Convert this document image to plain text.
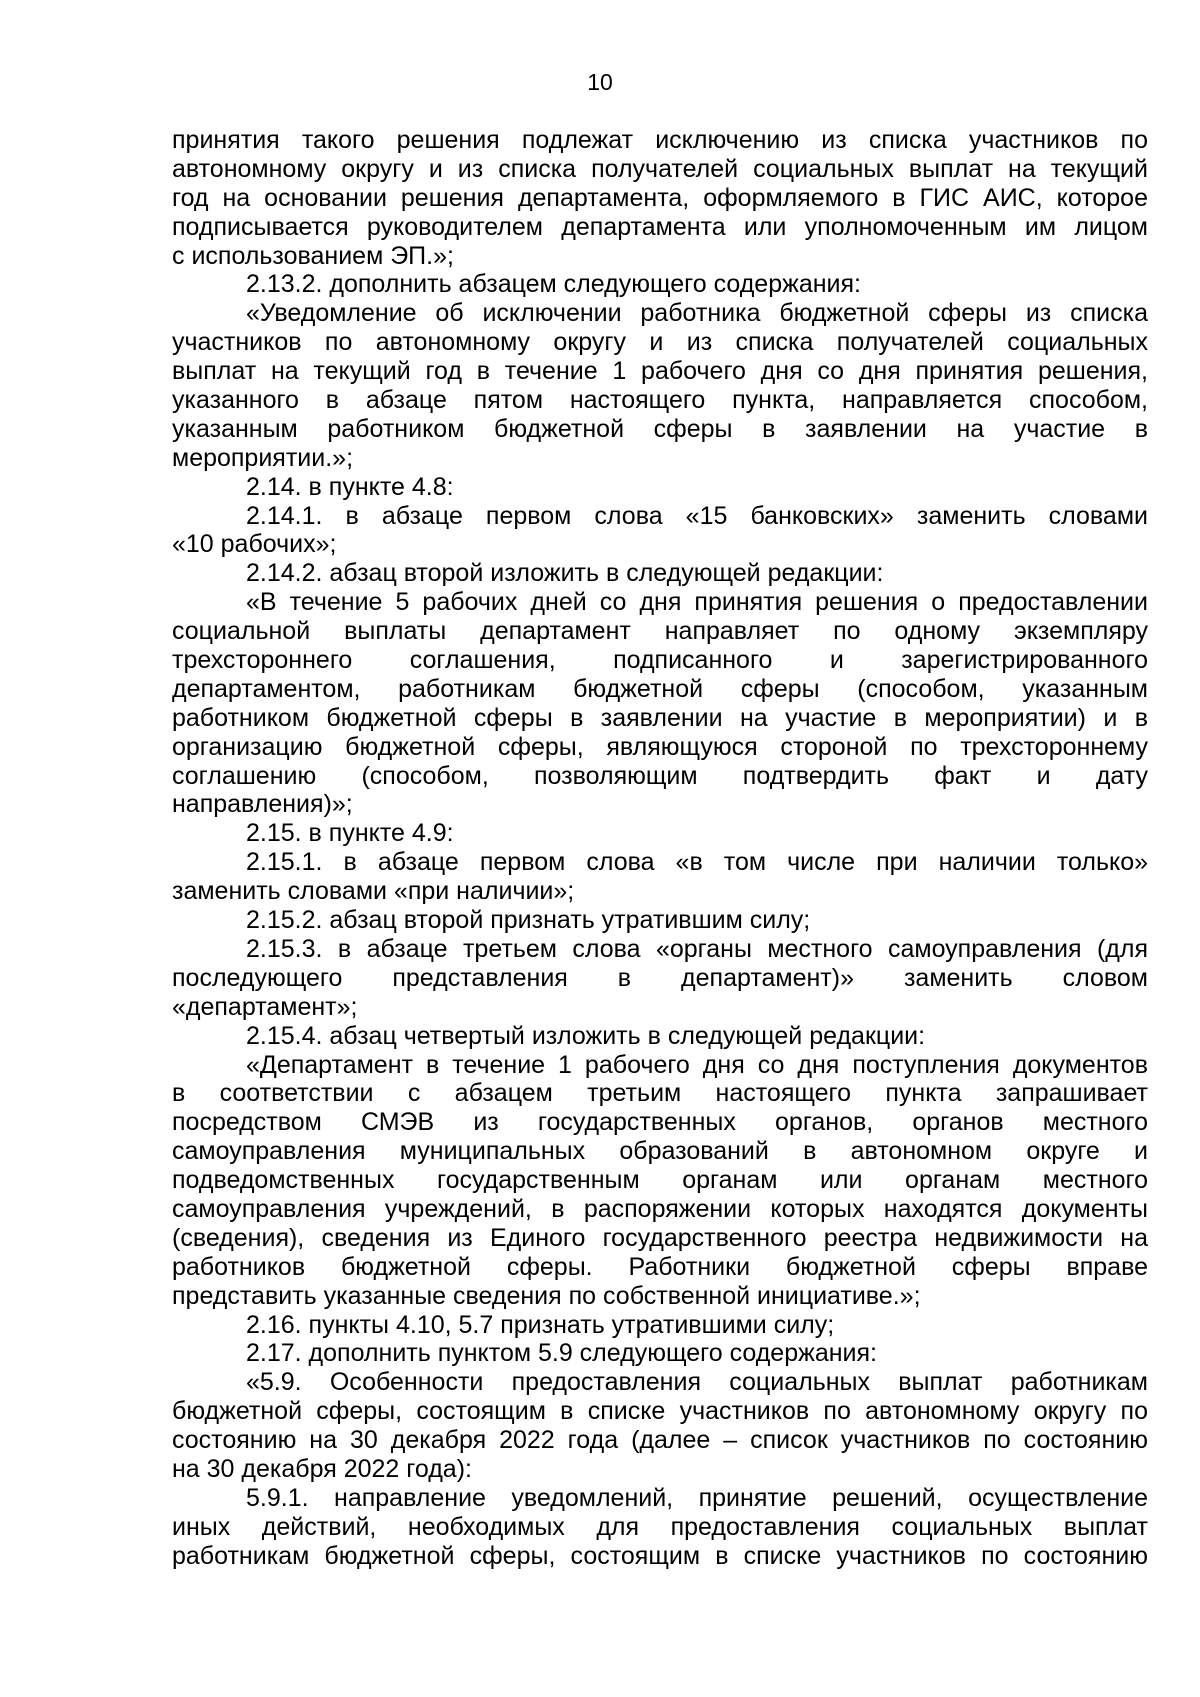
10
принятия такого решения подлежат исключению из списка участников по
автономному округу и из списка получателей социальных выплат на текущий
год на основании решения департамента, оформляемого в ГИС АИС, которое
подписывается руководителем департамента или уполномоченным им лицом
с использованием ЭП.»;
2.13.2. дополнить абзацем следующего содержания:
«Уведомление об исключении работника бюджетной сферы из списка
участников по автономному округу и из списка получателей социальных
выплат на текущий год в течение 1 рабочего дня со дня принятия решения,
указанного в абзаце пятом настоящего пункта, направляется способом,
указанным работником бюджетной сферы в заявлении на участие в
мероприятии.»;
2.14. в пункте 4.8:
2.14.1. в абзаце первом слова «15 банковских» заменить словами
«10 рабочих»;
2.14.2. абзац второй изложить в следующей редакции:
«В течение 5 рабочих дней со дня принятия решения о предоставлении
социальной выплаты департамент направляет по одному экземпляру
трехстороннего соглашения, подписанного и зарегистрированного
департаментом, работникам бюджетной сферы (способом, указанным
работником бюджетной сферы в заявлении на участие в мероприятии) и в
организацию бюджетной сферы, являющуюся стороной по трехстороннему
соглашению (способом, позволяющим подтвердить факт и дату
направления)»;
2.15. в пункте 4.9:
2.15.1. в абзаце первом слова «в том числе при наличии только»
заменить словами «при наличии»;
2.15.2. абзац второй признать утратившим силу;
2.15.3. в абзаце третьем слова «органы местного самоуправления (для
последующего представления в департамент)» заменить словом
«департамент»;
2.15.4. абзац четвертый изложить в следующей редакции:
«Департамент в течение 1 рабочего дня со дня поступления документов
в соответствии с абзацем третьим настоящего пункта запрашивает
посредством СМЭВ из государственных органов, органов местного
самоуправления муниципальных образований в автономном округе и
подведомственных государственным органам или органам местного
самоуправления учреждений, в распоряжении которых находятся документы
(сведения), сведения из Единого государственного реестра недвижимости на
работников бюджетной сферы. Работники бюджетной сферы вправе
представить указанные сведения по собственной инициативе.»;
2.16. пункты 4.10, 5.7 признать утратившими силу;
2.17. дополнить пунктом 5.9 следующего содержания:
«5.9. Особенности предоставления социальных выплат работникам
бюджетной сферы, состоящим в списке участников по автономному округу по
состоянию на 30 декабря 2022 года (далее – список участников по состоянию
на 30 декабря 2022 года):
5.9.1. направление уведомлений, принятие решений, осуществление
иных действий, необходимых для предоставления социальных выплат
работникам бюджетной сферы, состоящим в списке участников по состоянию
